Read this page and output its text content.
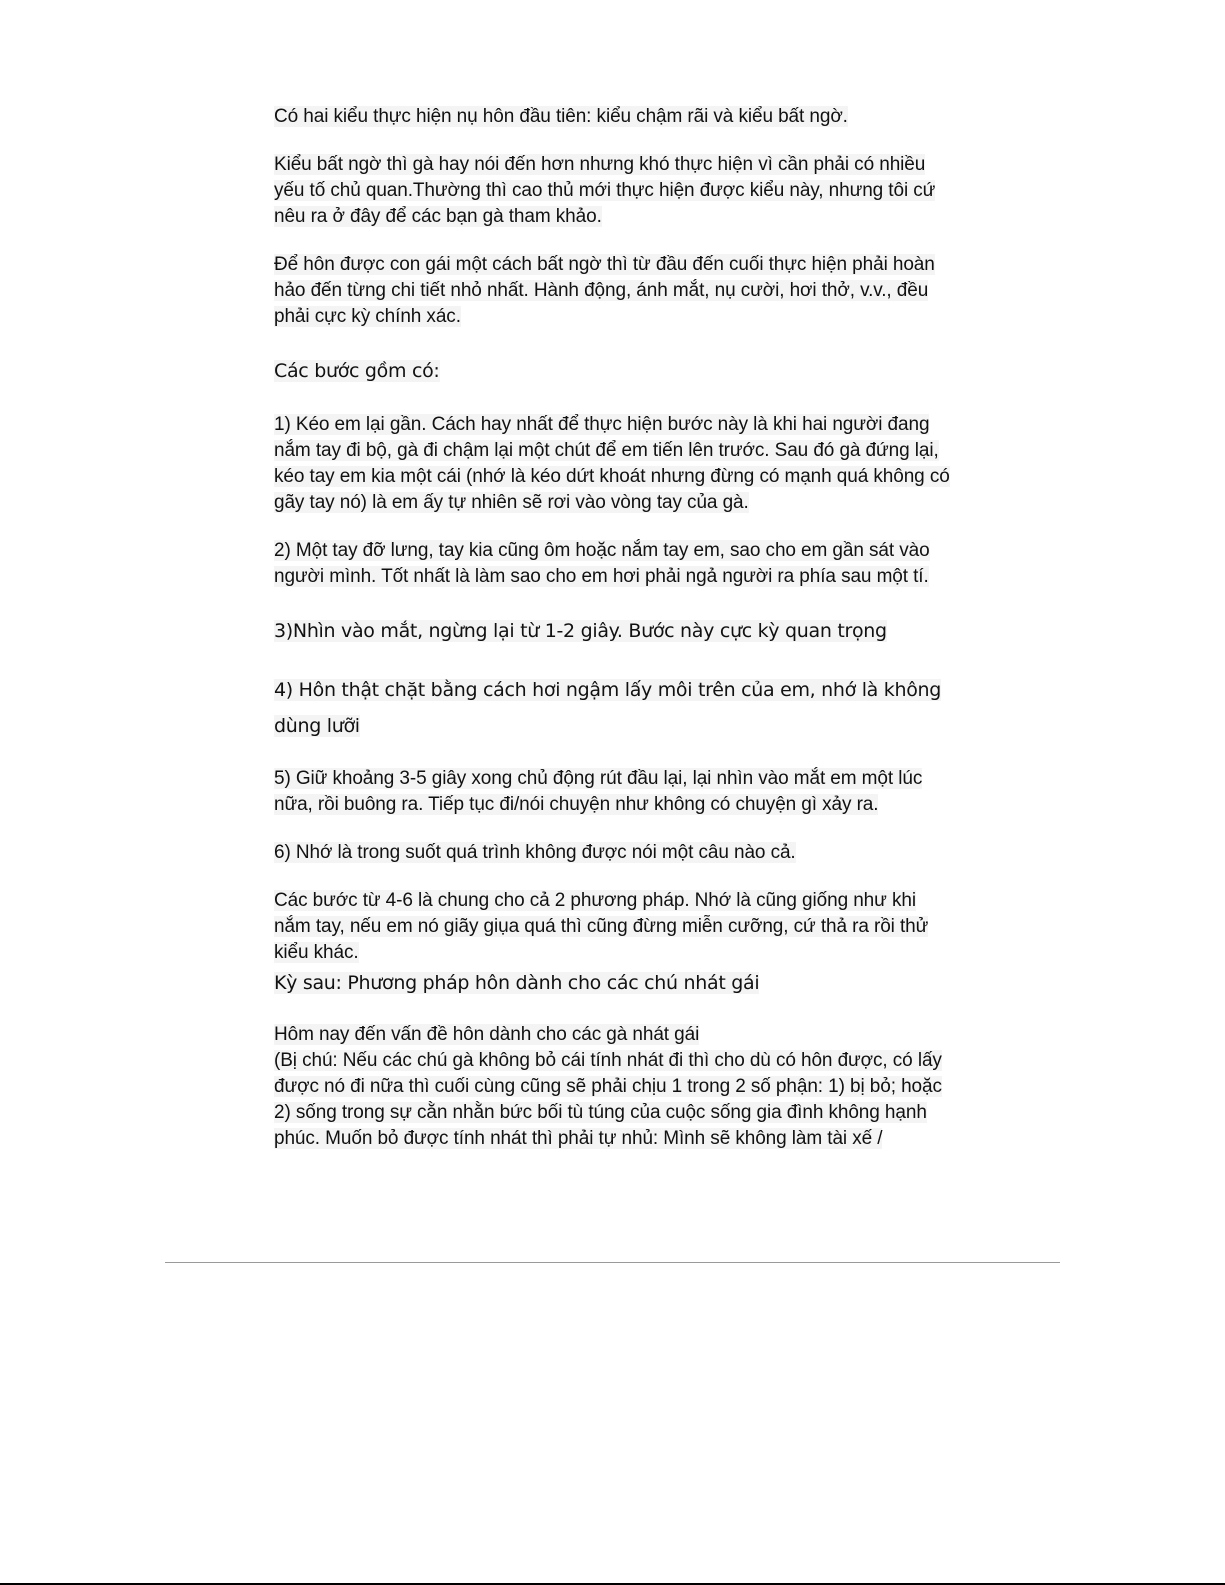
Có hai kiểu thực hiện nụ hôn đầu tiên: kiểu chậm rãi và kiểu bất ngờ.

Kiểu bất ngờ thì gà hay nói đến hơn nhưng khó thực hiện vì cần phải có nhiều yếu tố chủ quan.Thường thì cao thủ mới thực hiện được kiểu này, nhưng tôi cứ nêu ra ở đây để các bạn gà tham khảo.

Để hôn được con gái một cách bất ngờ thì từ đầu đến cuối thực hiện phải hoàn hảo đến từng chi tiết nhỏ nhất. Hành động, ánh mắt, nụ cười, hơi thở, v.v., đều phải cực kỳ chính xác.

Các bước gồm có:

1) Kéo em lại gần. Cách hay nhất để thực hiện bước này là khi hai người đang nắm tay đi bộ, gà đi chậm lại một chút để em tiến lên trước. Sau đó gà đứng lại, kéo tay em kia một cái (nhớ là kéo dứt khoát nhưng đừng có mạnh quá không có gãy tay nó) là em ấy tự nhiên sẽ rơi vào vòng tay của gà.

2) Một tay đỡ lưng, tay kia cũng ôm hoặc nắm tay em, sao cho em gần sát vào người mình. Tốt nhất là làm sao cho em hơi phải ngả người ra phía sau một tí.

3)Nhìn vào mắt, ngừng lại từ 1-2 giây. Bước này cực kỳ quan trọng

4) Hôn thật chặt bằng cách hơi ngậm lấy môi trên của em, nhớ là không dùng lưỡi

5) Giữ khoảng 3-5 giây xong chủ động rút đầu lại, lại nhìn vào mắt em một lúc nữa, rồi buông ra. Tiếp tục đi/nói chuyện như không có chuyện gì xảy ra.

6) Nhớ là trong suốt quá trình không được nói một câu nào cả.

Các bước từ 4-6 là chung cho cả 2 phương pháp. Nhớ là cũng giống như khi nắm tay, nếu em nó giãy giụa quá thì cũng đừng miễn cưỡng, cứ thả ra rồi thử kiểu khác.

Kỳ sau: Phương pháp hôn dành cho các chú nhát gái

Hôm nay đến vấn đề hôn dành cho các gà nhát gái

(Bị chú: Nếu các chú gà không bỏ cái tính nhát đi thì cho dù có hôn được, có lấy được nó đi nữa thì cuối cùng cũng sẽ phải chịu 1 trong 2 số phận: 1) bị bỏ; hoặc 2) sống trong sự cằn nhằn bức bối tù túng của cuộc sống gia đình không hạnh phúc. Muốn bỏ được tính nhát thì phải tự nhủ: Mình sẽ không làm tài xế /
